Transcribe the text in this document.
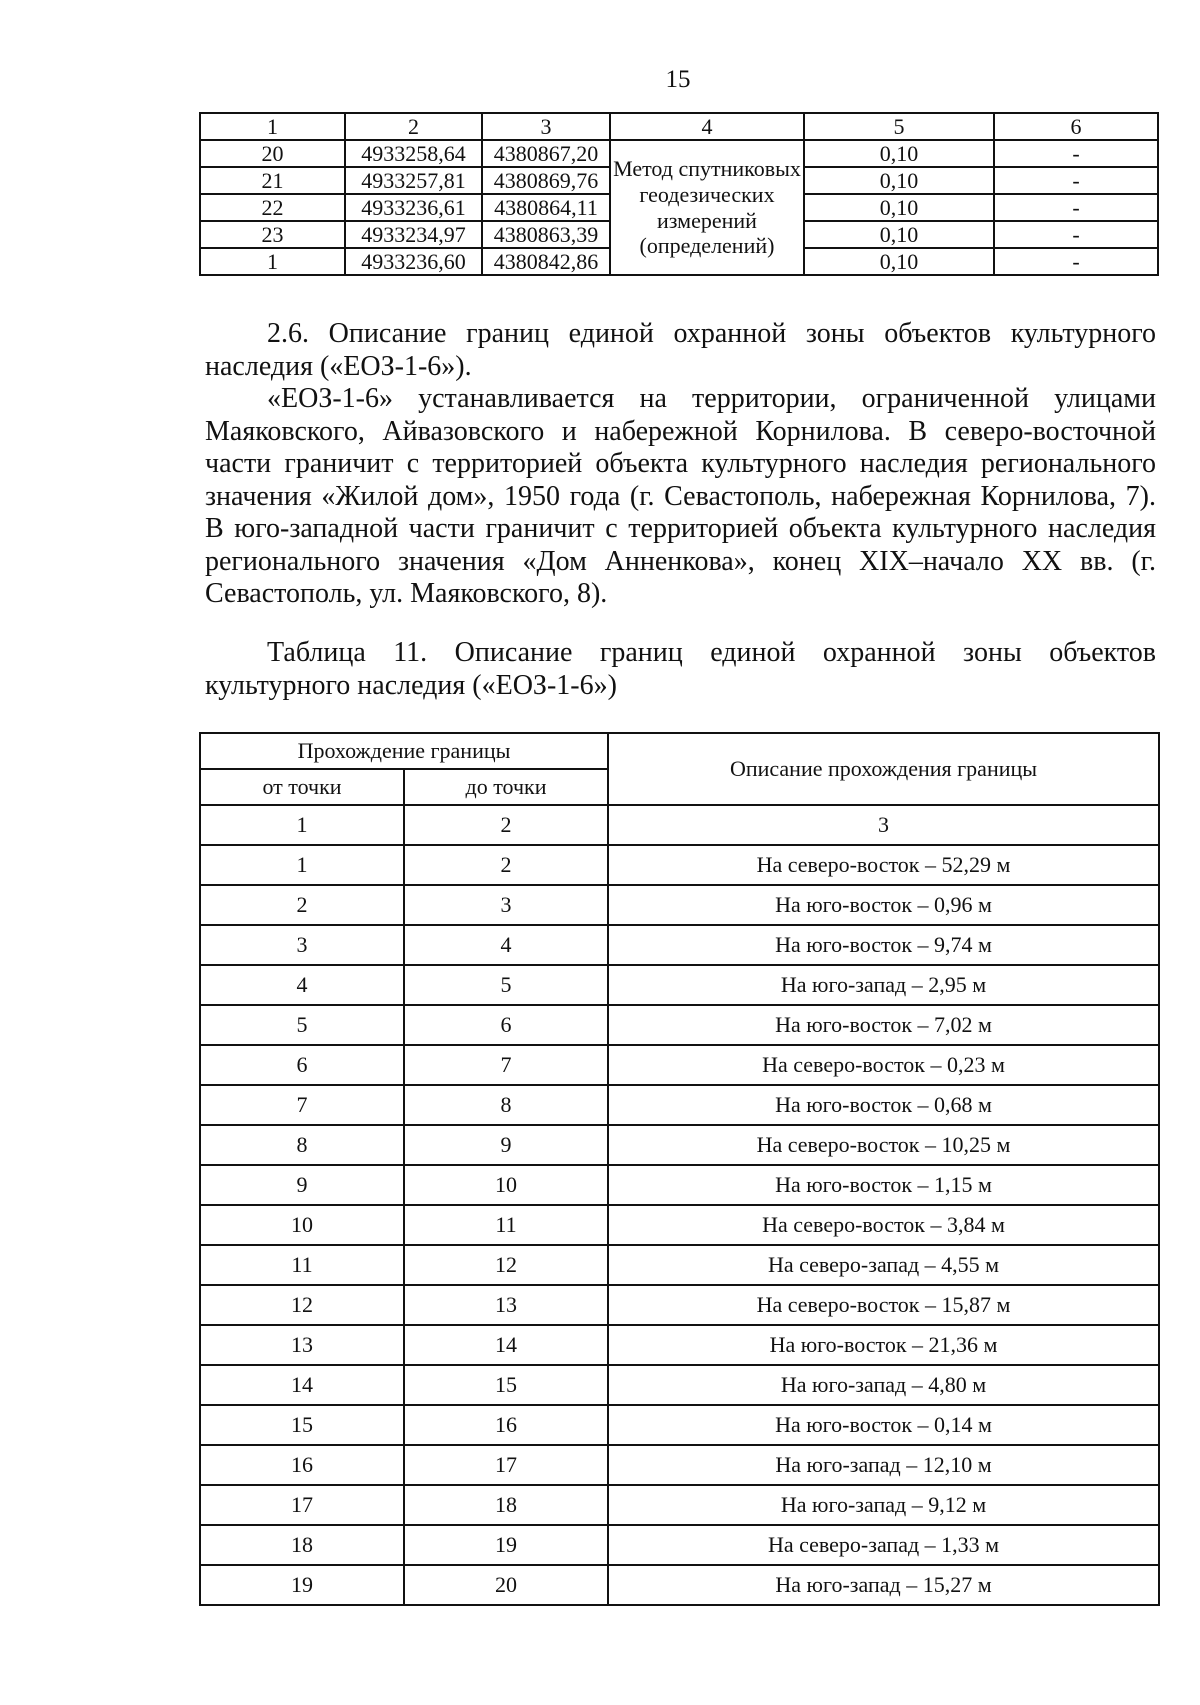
15
1	2	3	4	5	6
20	4933258,64	4380867,20	Метод спутниковых геодезических измерений (определений)	0,10	-
21	4933257,81	4380869,76		0,10	-
22	4933236,61	4380864,11		0,10	-
23	4933234,97	4380863,39		0,10	-
1	4933236,60	4380842,86		0,10	-

2.6. Описание границ единой охранной зоны объектов культурного наследия («ЕОЗ-1-6»).

«ЕОЗ-1-6» устанавливается на территории, ограниченной улицами Маяковского, Айвазовского и набережной Корнилова. В северо-восточной части граничит с территорией объекта культурного наследия регионального значения «Жилой дом», 1950 года (г. Севастополь, набережная Корнилова, 7). В юго-западной части граничит с территорией объекта культурного наследия регионального значения «Дом Анненкова», конец XIX–начало XX вв. (г. Севастополь, ул. Маяковского, 8).

Таблица 11. Описание границ единой охранной зоны объектов культурного наследия («ЕОЗ-1-6»)

Прохождение границы		Описание прохождения границы
от точки	до точки	
1	2	3
1	2	На северо-восток – 52,29 м
2	3	На юго-восток – 0,96 м
3	4	На юго-восток – 9,74 м
4	5	На юго-запад – 2,95 м
5	6	На юго-восток – 7,02 м
6	7	На северо-восток – 0,23 м
7	8	На юго-восток – 0,68 м
8	9	На северо-восток – 10,25 м
9	10	На юго-восток – 1,15 м
10	11	На северо-восток – 3,84 м
11	12	На северо-запад – 4,55 м
12	13	На северо-восток – 15,87 м
13	14	На юго-восток – 21,36 м
14	15	На юго-запад – 4,80 м
15	16	На юго-восток – 0,14 м
16	17	На юго-запад – 12,10 м
17	18	На юго-запад – 9,12 м
18	19	На северо-запад – 1,33 м
19	20	На юго-запад – 15,27 м
